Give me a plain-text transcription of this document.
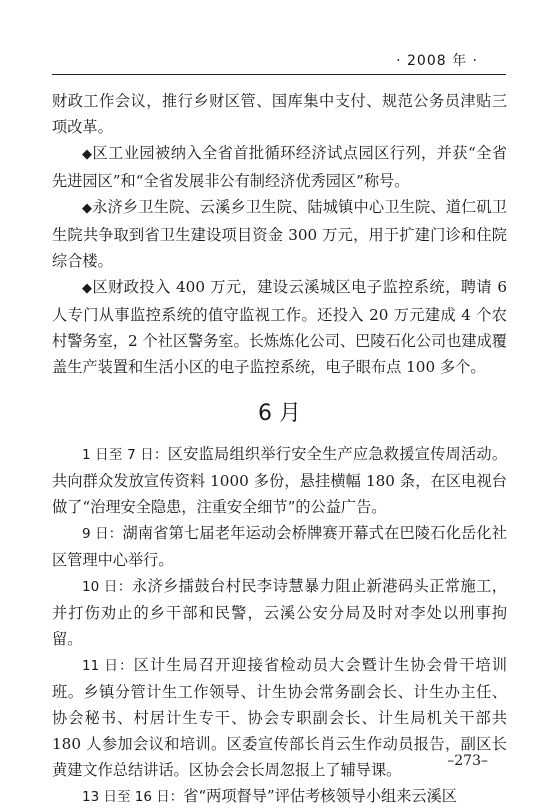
· 2008 年 ·

财政工作会议，推行乡财区管、国库集中支付、规范公务员津贴三项改革。

◆区工业园被纳入全省首批循环经济试点园区行列，并获“全省先进园区”和“全省发展非公有制经济优秀园区”称号。

◆永济乡卫生院、云溪乡卫生院、陆城镇中心卫生院、道仁矶卫生院共争取到省卫生建设项目资金 300 万元，用于扩建门诊和住院综合楼。

◆区财政投入 400 万元，建设云溪城区电子监控系统，聘请 6 人专门从事监控系统的值守监视工作。还投入 20 万元建成 4 个农村警务室，2 个社区警务室。长炼炼化公司、巴陵石化公司也建成覆盖生产装置和生活小区的电子监控系统，电子眼布点 100 多个。

6 月

1 日至 7 日：区安监局组织举行安全生产应急救援宣传周活动。共向群众发放宣传资料 1000 多份，悬挂横幅 180 条，在区电视台做了“治理安全隐患，注重安全细节”的公益广告。

9 日：湖南省第七届老年运动会桥牌赛开幕式在巴陵石化岳化社区管理中心举行。

10 日：永济乡擂鼓台村民李诗慧暴力阻止新港码头正常施工，并打伤劝止的乡干部和民警，云溪公安分局及时对李处以刑事拘留。

11 日：区计生局召开迎接省检动员大会暨计生协会骨干培训班。乡镇分管计生工作领导、计生协会常务副会长、计生办主任、协会秘书、村居计生专干、协会专职副会长、计生局机关干部共 180 人参加会议和培训。区委宣传部长肖云生作动员报告，副区长黄建文作总结讲话。区协会会长周忽报上了辅导课。

13 日至 16 日：省“两项督导”评估考核领导小组来云溪区

–273–
